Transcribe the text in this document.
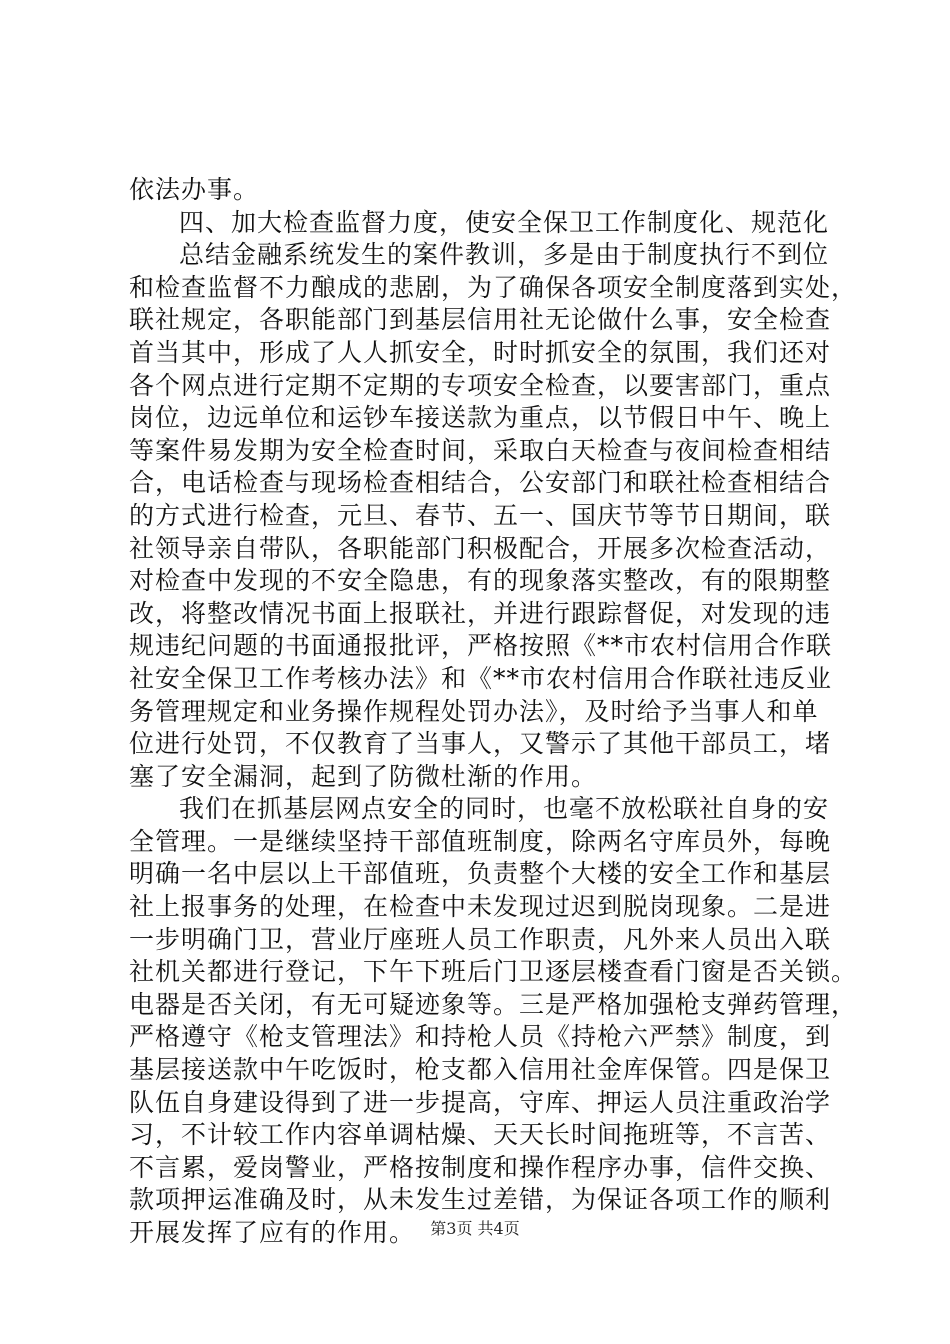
依法办事。
四、加大检查监督力度，使安全保卫工作制度化、规范化
总结金融系统发生的案件教训，多是由于制度执行不到位
和检查监督不力酿成的悲剧，为了确保各项安全制度落到实处，
联社规定，各职能部门到基层信用社无论做什么事，安全检查
首当其中，形成了人人抓安全，时时抓安全的氛围，我们还对
各个网点进行定期不定期的专项安全检查，以要害部门，重点
岗位，边远单位和运钞车接送款为重点，以节假日中午、晚上
等案件易发期为安全检查时间，采取白天检查与夜间检查相结
合，电话检查与现场检查相结合，公安部门和联社检查相结合
的方式进行检查，元旦、春节、五一、国庆节等节日期间，联
社领导亲自带队，各职能部门积极配合，开展多次检查活动，
对检查中发现的不安全隐患，有的现象落实整改，有的限期整
改，将整改情况书面上报联社，并进行跟踪督促，对发现的违
规违纪问题的书面通报批评，严格按照《**市农村信用合作联
社安全保卫工作考核办法》和《**市农村信用合作联社违反业
务管理规定和业务操作规程处罚办法》，及时给予当事人和单
位进行处罚，不仅教育了当事人，又警示了其他干部员工，堵
塞了安全漏洞，起到了防微杜渐的作用。
我们在抓基层网点安全的同时，也毫不放松联社自身的安
全管理。一是继续坚持干部值班制度，除两名守库员外，每晚
明确一名中层以上干部值班，负责整个大楼的安全工作和基层
社上报事务的处理，在检查中未发现过迟到脱岗现象。二是进
一步明确门卫，营业厅座班人员工作职责，凡外来人员出入联
社机关都进行登记，下午下班后门卫逐层楼查看门窗是否关锁。
电器是否关闭，有无可疑迹象等。三是严格加强枪支弹药管理，
严格遵守《枪支管理法》和持枪人员《持枪六严禁》制度，到
基层接送款中午吃饭时，枪支都入信用社金库保管。四是保卫
队伍自身建设得到了进一步提高，守库、押运人员注重政治学
习，不计较工作内容单调枯燥、天天长时间拖班等，不言苦、
不言累，爱岗警业，严格按制度和操作程序办事，信件交换、
款项押运准确及时，从未发生过差错，为保证各项工作的顺利
开展发挥了应有的作用。 第3页 共4页
